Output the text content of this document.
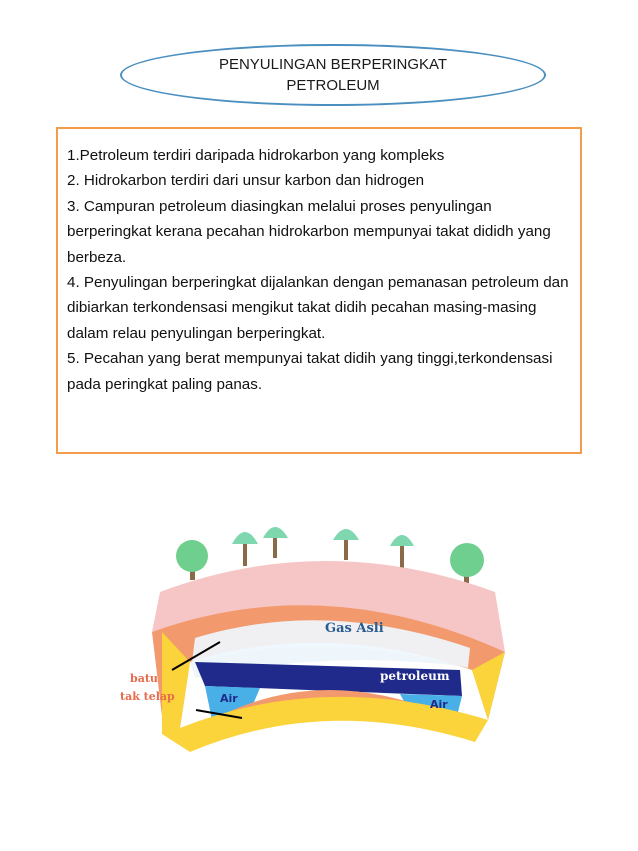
PENYULINGAN BERPERINGKAT
PETROLEUM

1.Petroleum terdiri daripada hidrokarbon yang kompleks

2. Hidrokarbon terdiri dari unsur karbon dan hidrogen

3. Campuran petroleum diasingkan melalui proses penyulingan berperingkat kerana pecahan hidrokarbon mempunyai takat dididh yang berbeza.

4. Penyulingan berperingkat dijalankan dengan pemanasan petroleum dan dibiarkan terkondensasi mengikut takat didih pecahan masing-masing dalam relau penyulingan berperingkat.

5. Pecahan yang berat mempunyai takat didih yang tinggi,terkondensasi pada peringkat paling panas.

Gas Asli
petroleum
Air	Air
batu
tak telap
